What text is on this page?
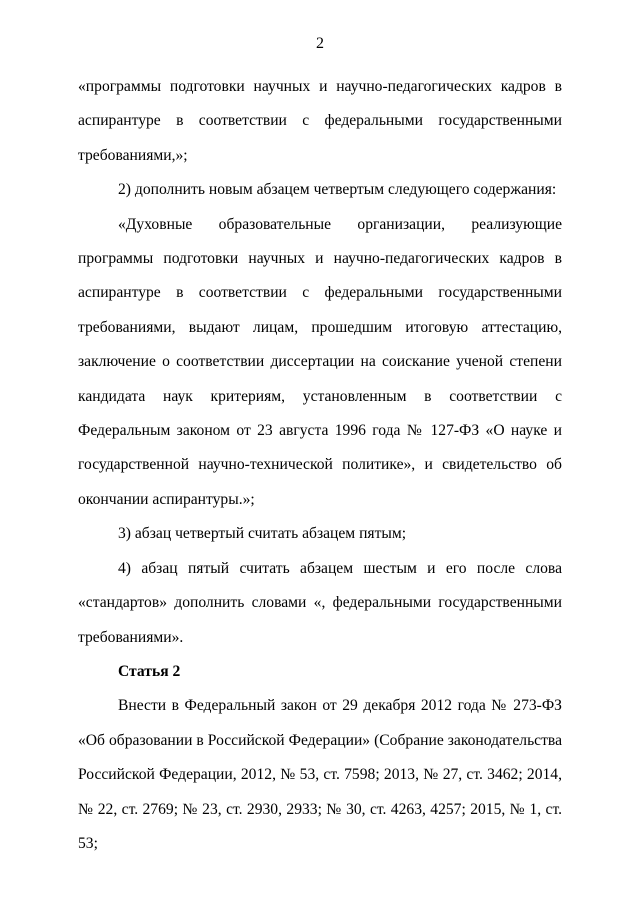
2

«программы подготовки научных и научно-педагогических кадров в аспирантуре в соответствии с федеральными государственными требованиями,»;

2) дополнить новым абзацем четвертым следующего содержания:

«Духовные образовательные организации, реализующие программы подготовки научных и научно-педагогических кадров в аспирантуре в соответствии с федеральными государственными требованиями, выдают лицам, прошедшим итоговую аттестацию, заключение о соответствии диссертации на соискание ученой степени кандидата наук критериям, установленным в соответствии с Федеральным законом от 23 августа 1996 года № 127-ФЗ «О науке и государственной научно-технической политике», и свидетельство об окончании аспирантуры.»;

3) абзац четвертый считать абзацем пятым;

4) абзац пятый считать абзацем шестым и его после слова «стандартов» дополнить словами «, федеральными государственными требованиями».

Статья 2

Внести в Федеральный закон от 29 декабря 2012 года № 273-ФЗ «Об образовании в Российской Федерации» (Собрание законодательства Российской Федерации, 2012, № 53, ст. 7598; 2013, № 27, ст. 3462; 2014, № 22, ст. 2769; № 23, ст. 2930, 2933; № 30, ст. 4263, 4257; 2015, № 1, ст. 53;
